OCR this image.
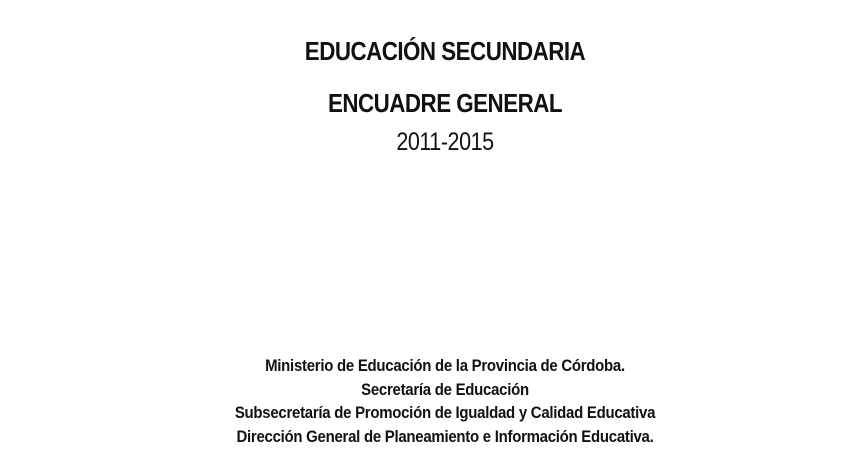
EDUCACIÓN SECUNDARIA
ENCUADRE GENERAL
2011-2015
Ministerio de Educación de la Provincia de Córdoba.
Secretaría de Educación
Subsecretaría de Promoción de Igualdad y Calidad Educativa
Dirección General de Planeamiento e Información Educativa.
